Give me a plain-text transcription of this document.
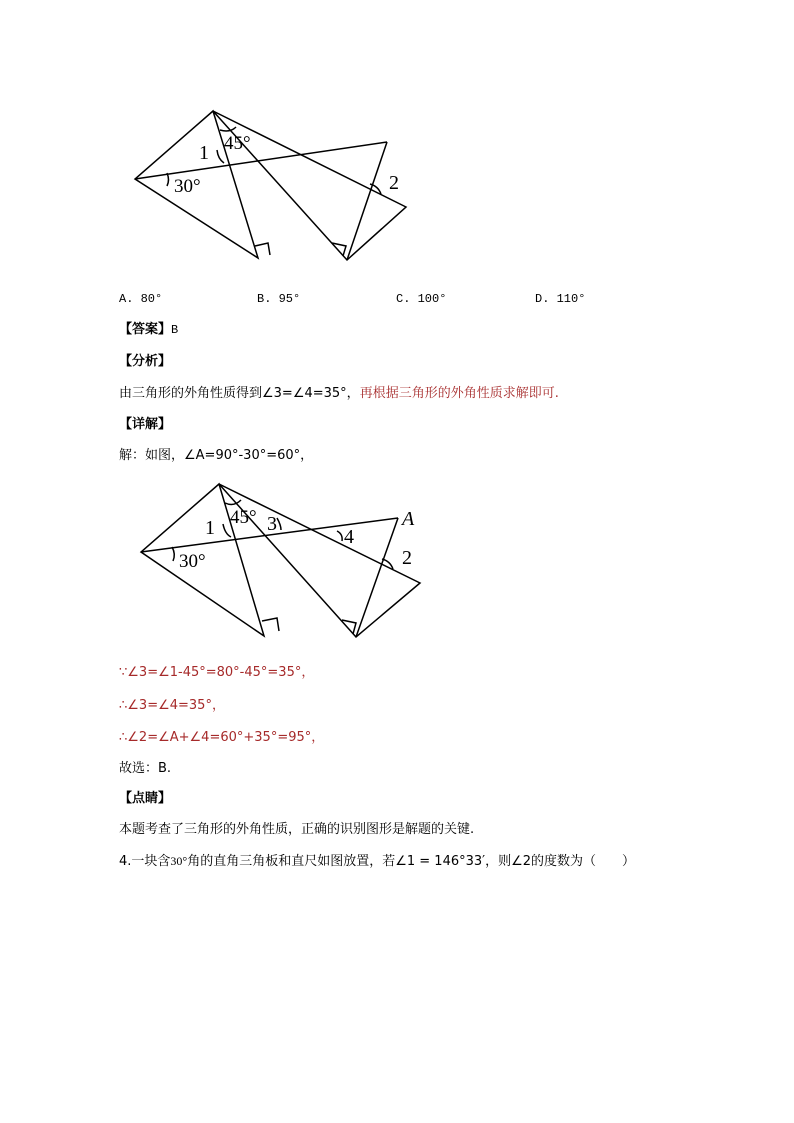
1 45°
30°	2
A. 80°	B. 95°	C. 100°	D. 110°
【答案】B
【分析】
由三角形的外角性质得到∠3=∠4=35°，再根据三角形的外角性质求解即可.
【详解】
解：如图，∠A=90°-30°=60°，
1 45° 3
4
A
30°	2
∵∠3=∠1-45°=80°-45°=35°，
∴∠3=∠4=35°，
∴∠2=∠A+∠4=60°+35°=95°，
故选：B.
【点睛】
本题考查了三角形的外角性质，正确的识别图形是解题的关键.
4.一块含30°角的直角三角板和直尺如图放置，若∠1 = 146°33′，则∠2的度数为（　　）
